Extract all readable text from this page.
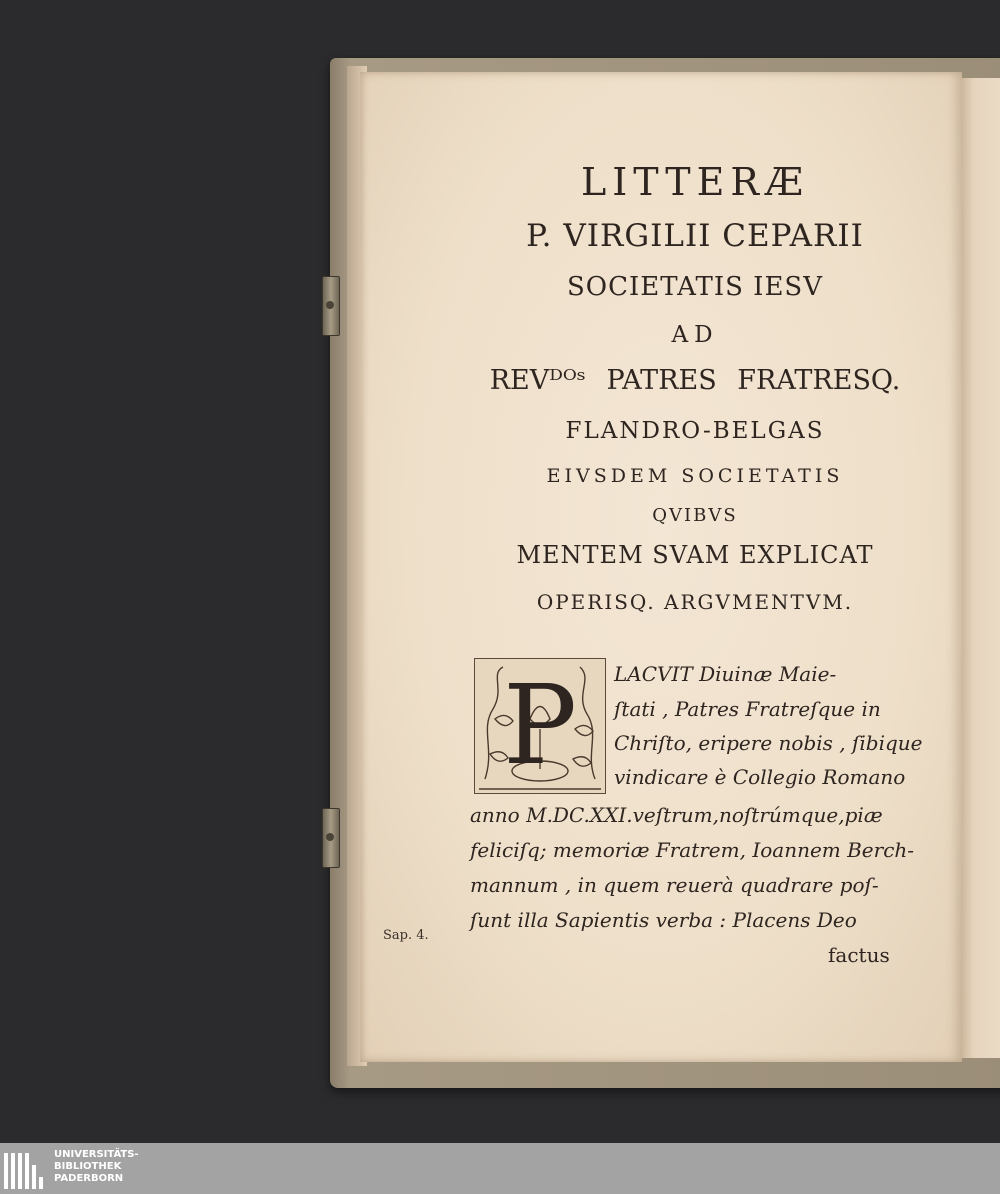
LITTERÆ
P. VIRGILII CEPARII
SOCIETATIS IESV
AD
REVᴰᴼˢ PATRES FRATRESQ.
FLANDRO-BELGAS
EIVSDEM SOCIETATIS
QVIBVS
MENTEM SVAM EXPLICAT
OPERISQ. ARGVMENTVM.
P LACVIT Diuinæ Maie-
ſtati , Patres Fratreſque in
Chriſto, eripere nobis , ſibique
vindicare è Collegio Romano
anno M.DC.XXI.veſtrum,noſtrúmque,piæ
feliciſq; memoriæ Fratrem, Ioannem Berch-
mannum , in quem reuerà quadrare poſ-
ſunt illa Sapientis verba : Placens Deo
factus
Sap. 4.
UNIVERSITÄTS-
BIBLIOTHEK
PADERBORN
